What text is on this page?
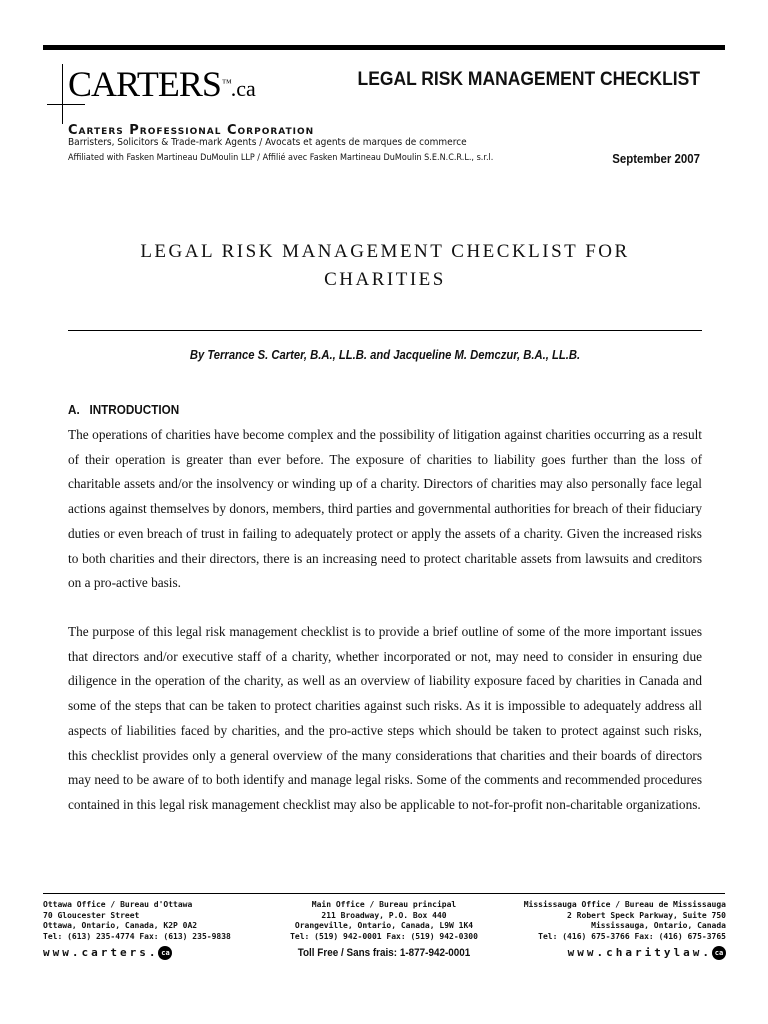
CARTERS™.ca	LEGAL RISK MANAGEMENT CHECKLIST
Carters Professional Corporation
Barristers, Solicitors & Trade-mark Agents / Avocats et agents de marques de commerce
Affiliated with Fasken Martineau DuMoulin LLP / Affilié avec Fasken Martineau DuMoulin S.E.N.C.R.L., s.r.l.	September 2007
LEGAL RISK MANAGEMENT CHECKLIST FOR
CHARITIES
By Terrance S. Carter, B.A., LL.B. and Jacqueline M. Demczur, B.A., LL.B.
A.   INTRODUCTION
The operations of charities have become complex and the possibility of litigation against charities occurring as a result of their operation is greater than ever before. The exposure of charities to liability goes further than the loss of charitable assets and/or the insolvency or winding up of a charity. Directors of charities may also personally face legal actions against themselves by donors, members, third parties and governmental authorities for breach of their fiduciary duties or even breach of trust in failing to adequately protect or apply the assets of a charity. Given the increased risks to both charities and their directors, there is an increasing need to protect charitable assets from lawsuits and creditors on a pro-active basis.
The purpose of this legal risk management checklist is to provide a brief outline of some of the more important issues that directors and/or executive staff of a charity, whether incorporated or not, may need to consider in ensuring due diligence in the operation of the charity, as well as an overview of liability exposure faced by charities in Canada and some of the steps that can be taken to protect charities against such risks. As it is impossible to adequately address all aspects of liabilities faced by charities, and the pro-active steps which should be taken to protect against such risks, this checklist provides only a general overview of the many considerations that charities and their boards of directors may need to be aware of to both identify and manage legal risks. Some of the comments and recommended procedures contained in this legal risk management checklist may also be applicable to not-for-profit non-charitable organizations.
Ottawa Office / Bureau d'Ottawa
70 Gloucester Street
Ottawa, Ontario, Canada, K2P 0A2
Tel: (613) 235-4774 Fax: (613) 235-9838
Main Office / Bureau principal
211 Broadway, P.O. Box 440
Orangeville, Ontario, Canada, L9W 1K4
Tel: (519) 942-0001 Fax: (519) 942-0300
Mississauga Office / Bureau de Mississauga
2 Robert Speck Parkway, Suite 750
Mississauga, Ontario, Canada
Tel: (416) 675-3766 Fax: (416) 675-3765
Toll Free / Sans frais: 1-877-942-0001
www.carters. ca	www.charitylaw. ca
